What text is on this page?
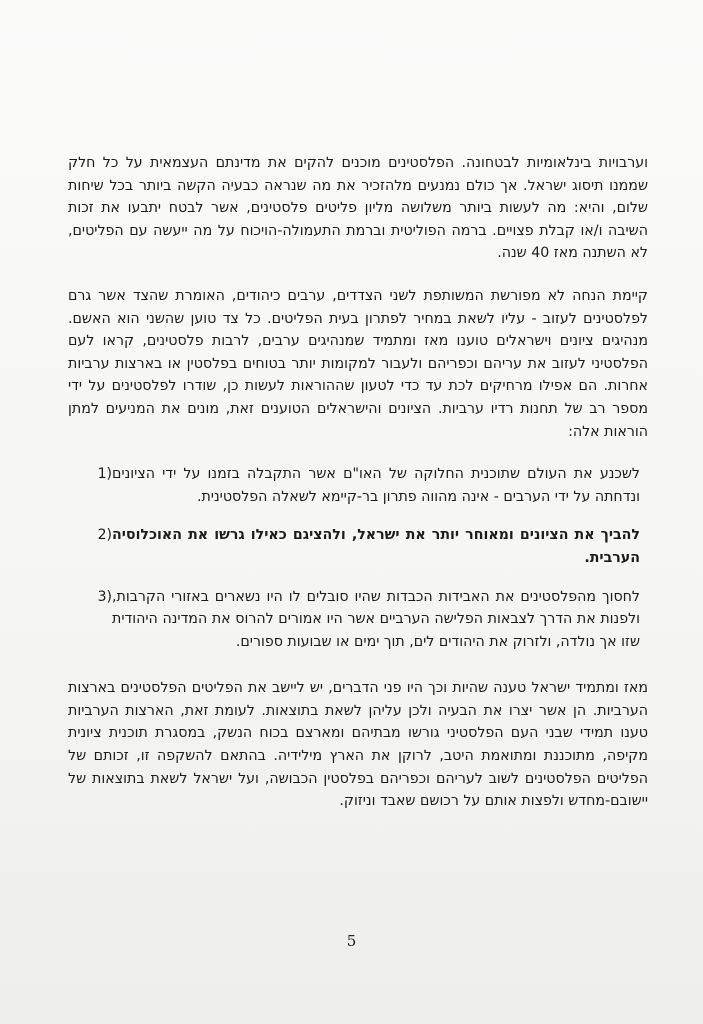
וערבויות בינלאומיות לבטחונה. הפלסטינים מוכנים להקים את מדינתם העצמאית על כל חלק שממנו תיסוג ישראל. אך כולם נמנעים מלהזכיר את מה שנראה כבעיה הקשה ביותר בכל שיחות שלום, והיא: מה לעשות ביותר משלושה מליון פליטים פלסטינים, אשר לבטח יתבעו את זכות השיבה ו/או קבלת פצויים. ברמה הפוליטית וברמת התעמולה-הויכוח על מה ייעשה עם הפליטים, לא השתנה מאז 40 שנה.

קיימת הנחה לא מפורשת המשותפת לשני הצדדים, ערבים כיהודים, האומרת שהצד אשר גרם לפלסטינים לעזוב - עליו לשאת במחיר לפתרון בעית הפליטים. כל צד טוען שהשני הוא האשם. מנהיגים ציונים וישראלים טוענו מאז ומתמיד שמנהיגים ערבים, לרבות פלסטינים, קראו לעם הפלסטיני לעזוב את עריהם וכפריהם ולעבור למקומות יותר בטוחים בפלסטין או בארצות ערביות אחרות. הם אפילו מרחיקים לכת עד כדי לטעון שההוראות לעשות כן, שודרו לפלסטינים על ידי מספר רב של תחנות רדיו ערביות. הציונים והישראלים הטוענים זאת, מונים את המניעים למתן הוראות אלה:

לשכנע את העולם שתוכנית החלוקה של האו"ם אשר התקבלה בזמנו על ידי הציונים ונדחתה על ידי הערבים - אינה מהווה פתרון בר-קיימא לשאלה הפלסטינית.
1)
להביך את הציונים ומאוחר יותר את ישראל, ולהציגם כאילו גרשו את האוכלוסיה הערבית.
2)
לחסוך מהפלסטינים את האבידות הכבדות שהיו סובלים לו היו נשארים באזורי הקרבות, ולפנות את הדרך לצבאות הפלישה הערביים אשר היו אמורים להרוס את המדינה היהודית שזו אך נולדה, ולזרוק את היהודים לים, תוך ימים או שבועות ספורים.
3)

מאז ומתמיד ישראל טענה שהיות וכך היו פני הדברים, יש ליישב את הפליטים הפלסטינים בארצות הערביות. הן אשר יצרו את הבעיה ולכן עליהן לשאת בתוצאות. לעומת זאת, הארצות הערביות טענו תמידי שבני העם הפלסטיני גורשו מבתיהם ומארצם בכוח הנשק, במסגרת תוכנית ציונית מקיפה, מתוכננת ומתואמת היטב, לרוקן את הארץ מילידיה. בהתאם להשקפה זו, זכותם של הפליטים הפלסטינים לשוב לעריהם וכפריהם בפלסטין הכבושה, ועל ישראל לשאת בתוצאות של יישובם-מחדש ולפצות אותם על רכושם שאבד וניזוק.

5
